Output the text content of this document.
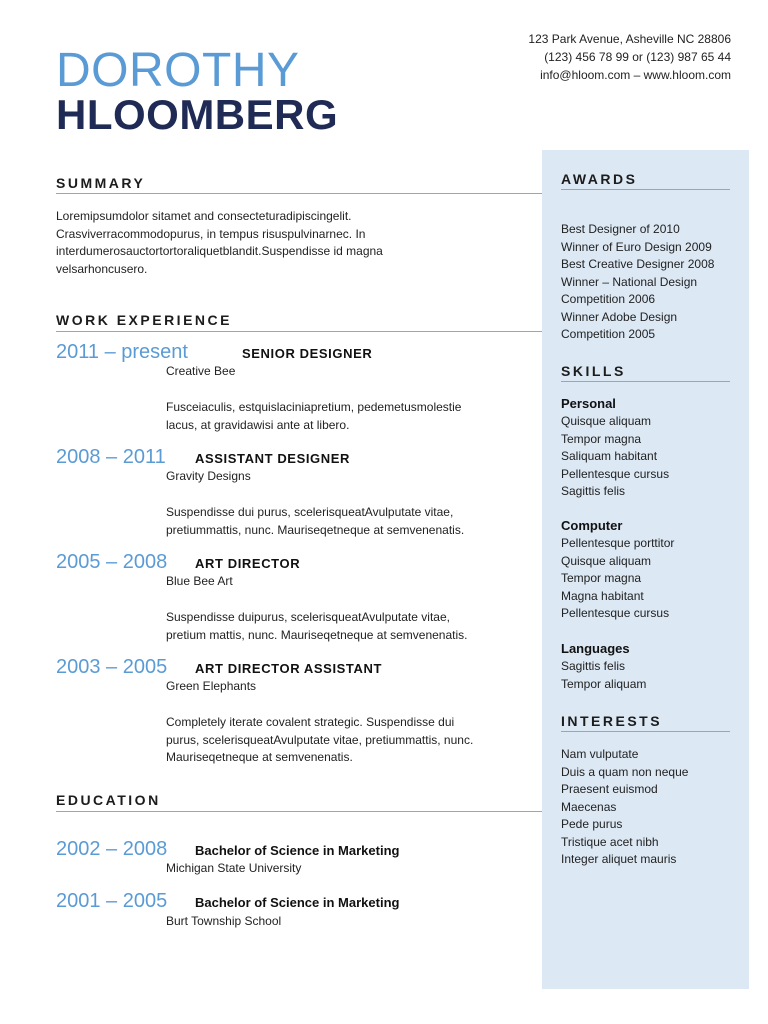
123 Park Avenue, Asheville NC 28806
(123) 456 78 99 or (123) 987 65 44
info@hloom.com – www.hloom.com
DOROTHY
HLOOMBERG
SUMMARY
Loremipsumdolor sitamet and consecteturadipiscingelit.
Crasviverracommodopurus, in tempus risuspulvinarnec. In
interdumerosauctortortoraliquetblandit.Suspendisse id magna
velsarhoncusero.
WORK EXPERIENCE
2011 – present	SENIOR DESIGNER
Creative Bee
Fusceiaculis, estquislaciniapretium, pedemetusmolestie
lacus, at gravidawisi ante at libero.
2008 – 2011 ASSISTANT DESIGNER
Gravity Designs
Suspendisse dui purus, scelerisqueatAvulputate vitae,
pretiummattis, nunc. Mauriseqetneque at semvenenatis.
2005 – 2008 ART DIRECTOR
Blue Bee Art
Suspendisse duipurus, scelerisqueatAvulputate vitae,
pretium mattis, nunc. Mauriseqetneque at semvenenatis.
2003 – 2005 ART DIRECTOR ASSISTANT
Green Elephants
Completely iterate covalent strategic. Suspendisse dui
purus, scelerisqueatAvulputate vitae, pretiummattis, nunc.
Mauriseqetneque at semvenenatis.
EDUCATION
2002 – 2008 Bachelor of Science in Marketing
Michigan State University
2001 – 2005 Bachelor of Science in Marketing
Burt Township School
AWARDS
Best Designer of 2010
Winner of Euro Design 2009
Best Creative Designer 2008
Winner – National Design
Competition 2006
Winner Adobe Design
Competition 2005
SKILLS
Personal
Quisque aliquam
Tempor magna
Saliquam habitant
Pellentesque cursus
Sagittis felis
Computer
Pellentesque porttitor
Quisque aliquam
Tempor magna
Magna habitant
Pellentesque cursus
Languages
Sagittis felis
Tempor aliquam
INTERESTS
Nam vulputate
Duis a quam non neque
Praesent euismod
Maecenas
Pede purus
Tristique acet nibh
Integer aliquet mauris
